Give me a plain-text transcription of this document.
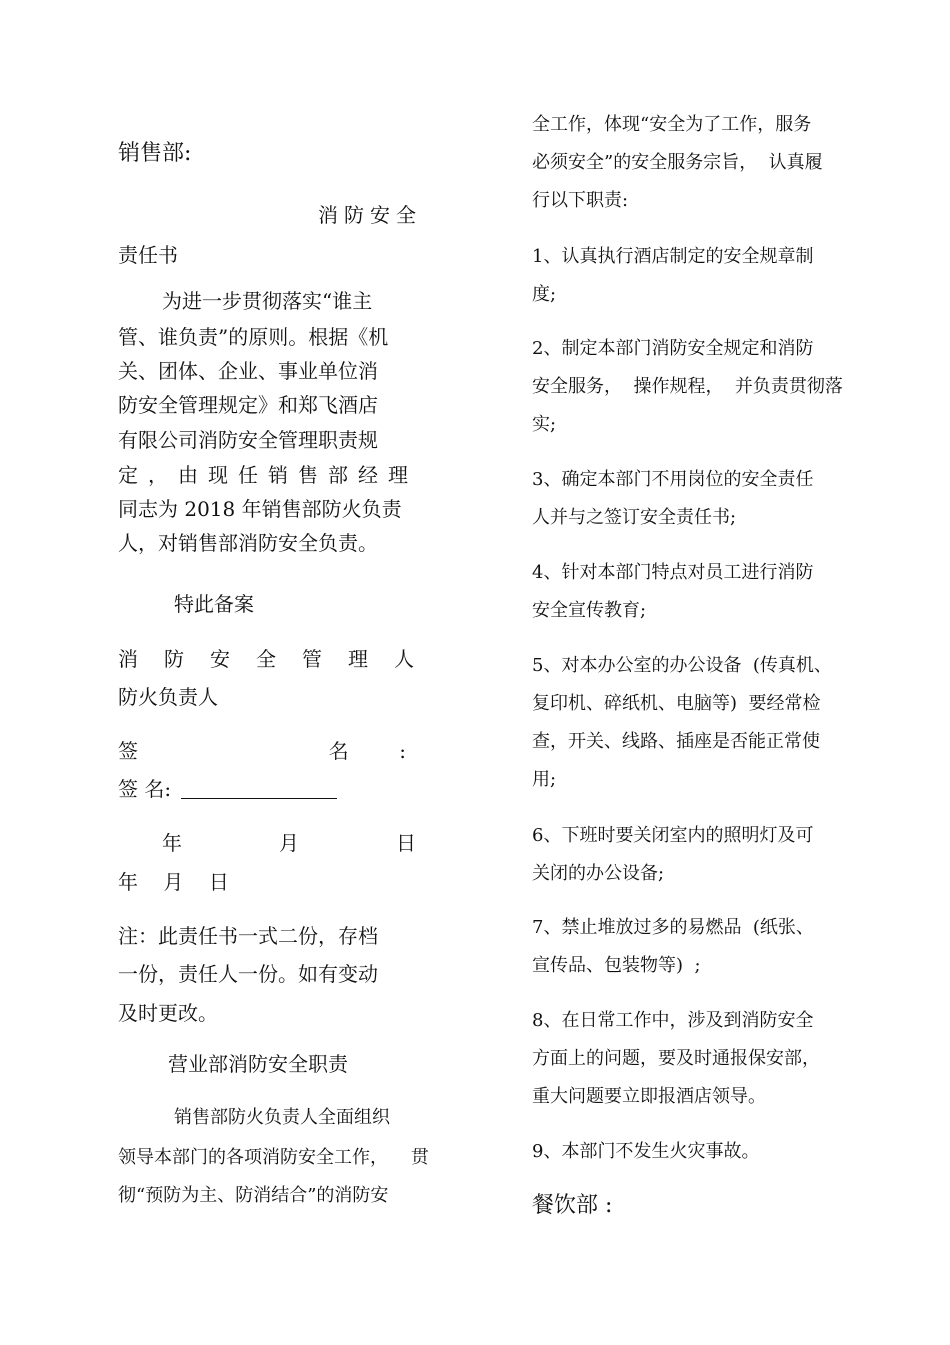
销售部:

消防安全

责任书

为进一步贯彻落实“谁主

管、谁负责”的原则。根据《机

关、团体、企业、事业单位消

防安全管理规定》和郑飞酒店

有限公司消防安全管理职责规

定，由现任销售部经理

同志为 2018 年销售部防火负责

人，对销售部消防安全负责。

特此备案

消防安全管理人

防火负责人

签	名	:
签 名:
年	月	日

年    月    日

注：此责任书一式二份，存档

一份，责任人一份。如有变动

及时更改。

营业部消防安全职责

销售部防火负责人全面组织

领导本部门的各项消防安全工作，    贯

彻“预防为主、防消结合”的消防安

全工作，体现“安全为了工作，服务

必须安全”的安全服务宗旨，  认真履

行以下职责:

1、认真执行酒店制定的安全规章制

度;

2、制定本部门消防安全规定和消防

安全服务，  操作规程，  并负责贯彻落

实;

3、确定本部门不用岗位的安全责任

人并与之签订安全责任书;

4、针对本部门特点对员工进行消防

安全宣传教育;

5、对本办公室的办公设备  (传真机、

复印机、碎纸机、电脑等)  要经常检

查，开关、线路、插座是否能正常使

用;

6、下班时要关闭室内的照明灯及可

关闭的办公设备;

7、禁止堆放过多的易燃品  (纸张、

宣传品、包装物等)  ;

8、在日常工作中，涉及到消防安全

方面上的问题，要及时通报保安部，

重大问题要立即报酒店领导。

9、本部门不发生火灾事故。

餐饮部 :
